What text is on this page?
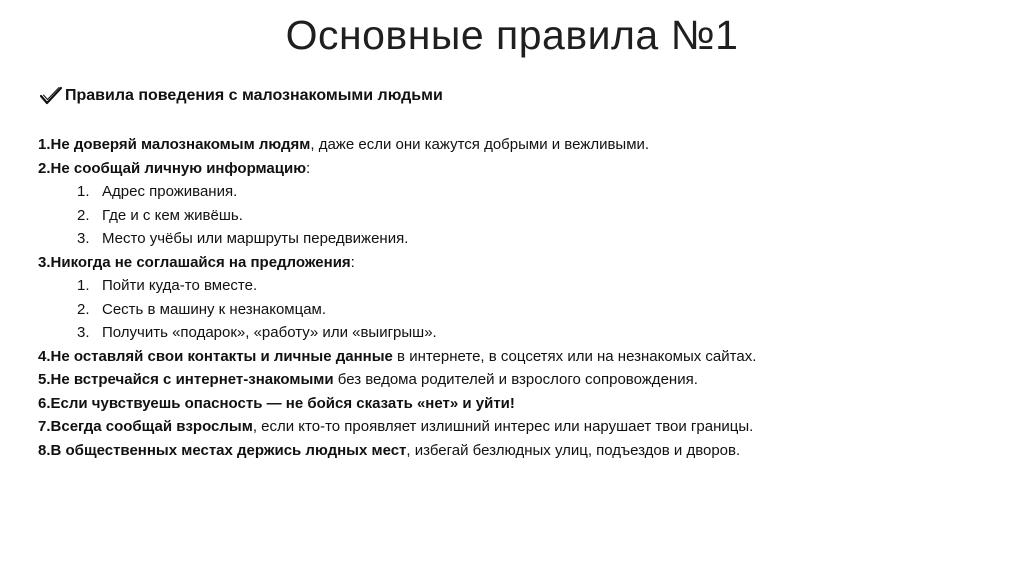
Основные правила №1
Правила поведения с малознакомыми людьми
1.Не доверяй малознакомым людям, даже если они кажутся добрыми и вежливыми.
2.Не сообщай личную информацию:
1. Адрес проживания.
2. Где и с кем живёшь.
3. Место учёбы или маршруты передвижения.
3.Никогда не соглашайся на предложения:
1. Пойти куда-то вместе.
2. Сесть в машину к незнакомцам.
3. Получить «подарок», «работу» или «выигрыш».
4.Не оставляй свои контакты и личные данные в интернете, в соцсетях или на незнакомых сайтах.
5.Не встречайся с интернет-знакомыми без ведома родителей и взрослого сопровождения.
6.Если чувствуешь опасность — не бойся сказать «нет» и уйти!
7.Всегда сообщай взрослым, если кто-то проявляет излишний интерес или нарушает твои границы.
8.В общественных местах держись людных мест, избегай безлюдных улиц, подъездов и дворов.
